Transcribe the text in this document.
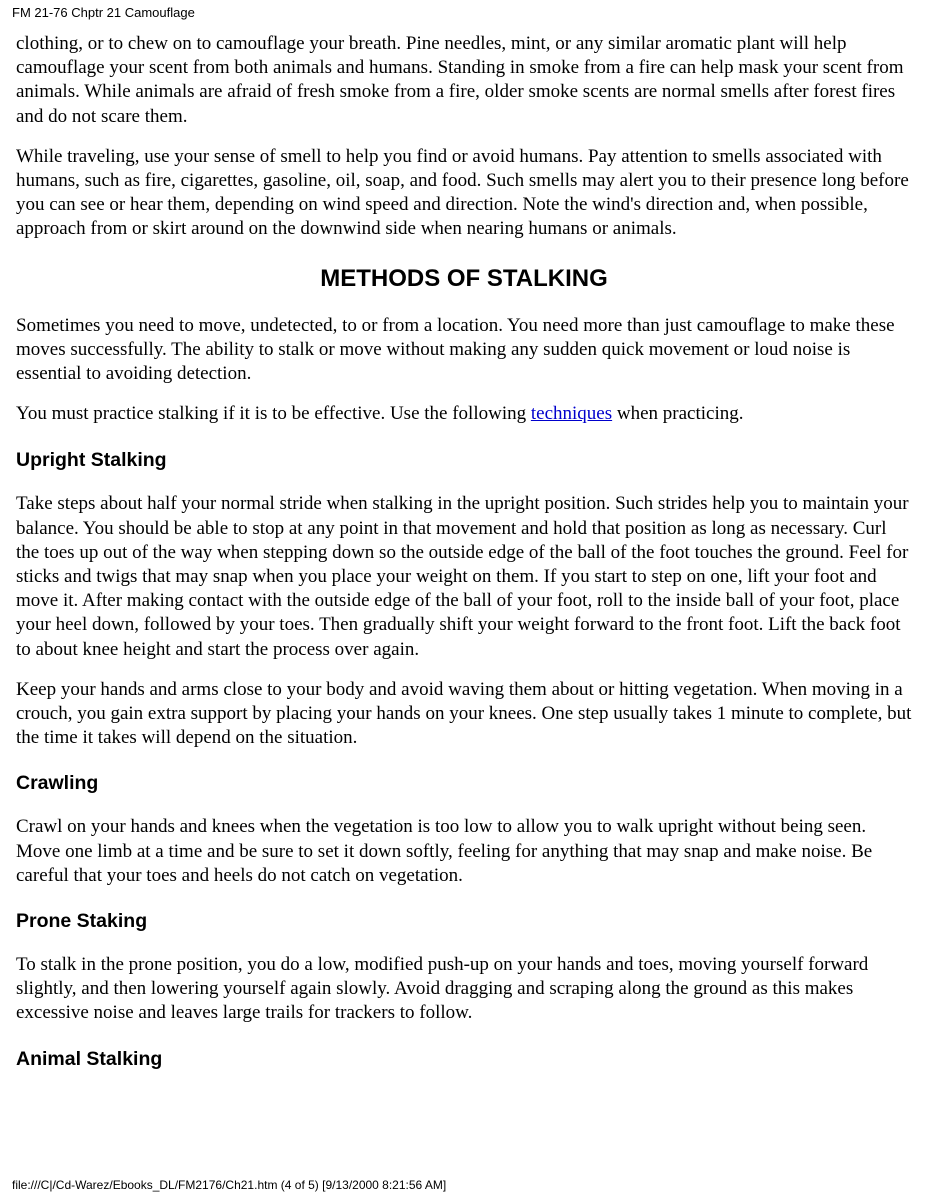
FM 21-76 Chptr 21 Camouflage

clothing, or to chew on to camouflage your breath. Pine needles, mint, or any similar aromatic plant will help camouflage your scent from both animals and humans. Standing in smoke from a fire can help mask your scent from animals. While animals are afraid of fresh smoke from a fire, older smoke scents are normal smells after forest fires and do not scare them.

While traveling, use your sense of smell to help you find or avoid humans. Pay attention to smells associated with humans, such as fire, cigarettes, gasoline, oil, soap, and food. Such smells may alert you to their presence long before you can see or hear them, depending on wind speed and direction. Note the wind's direction and, when possible, approach from or skirt around on the downwind side when nearing humans or animals.

METHODS OF STALKING

Sometimes you need to move, undetected, to or from a location. You need more than just camouflage to make these moves successfully. The ability to stalk or move without making any sudden quick movement or loud noise is essential to avoiding detection.

You must practice stalking if it is to be effective. Use the following techniques when practicing.

Upright Stalking

Take steps about half your normal stride when stalking in the upright position. Such strides help you to maintain your balance. You should be able to stop at any point in that movement and hold that position as long as necessary. Curl the toes up out of the way when stepping down so the outside edge of the ball of the foot touches the ground. Feel for sticks and twigs that may snap when you place your weight on them. If you start to step on one, lift your foot and move it. After making contact with the outside edge of the ball of your foot, roll to the inside ball of your foot, place your heel down, followed by your toes. Then gradually shift your weight forward to the front foot. Lift the back foot to about knee height and start the process over again.

Keep your hands and arms close to your body and avoid waving them about or hitting vegetation. When moving in a crouch, you gain extra support by placing your hands on your knees. One step usually takes 1 minute to complete, but the time it takes will depend on the situation.

Crawling

Crawl on your hands and knees when the vegetation is too low to allow you to walk upright without being seen. Move one limb at a time and be sure to set it down softly, feeling for anything that may snap and make noise. Be careful that your toes and heels do not catch on vegetation.

Prone Staking

To stalk in the prone position, you do a low, modified push-up on your hands and toes, moving yourself forward slightly, and then lowering yourself again slowly. Avoid dragging and scraping along the ground as this makes excessive noise and leaves large trails for trackers to follow.

Animal Stalking
file:///C|/Cd-Warez/Ebooks_DL/FM2176/Ch21.htm (4 of 5) [9/13/2000 8:21:56 AM]
